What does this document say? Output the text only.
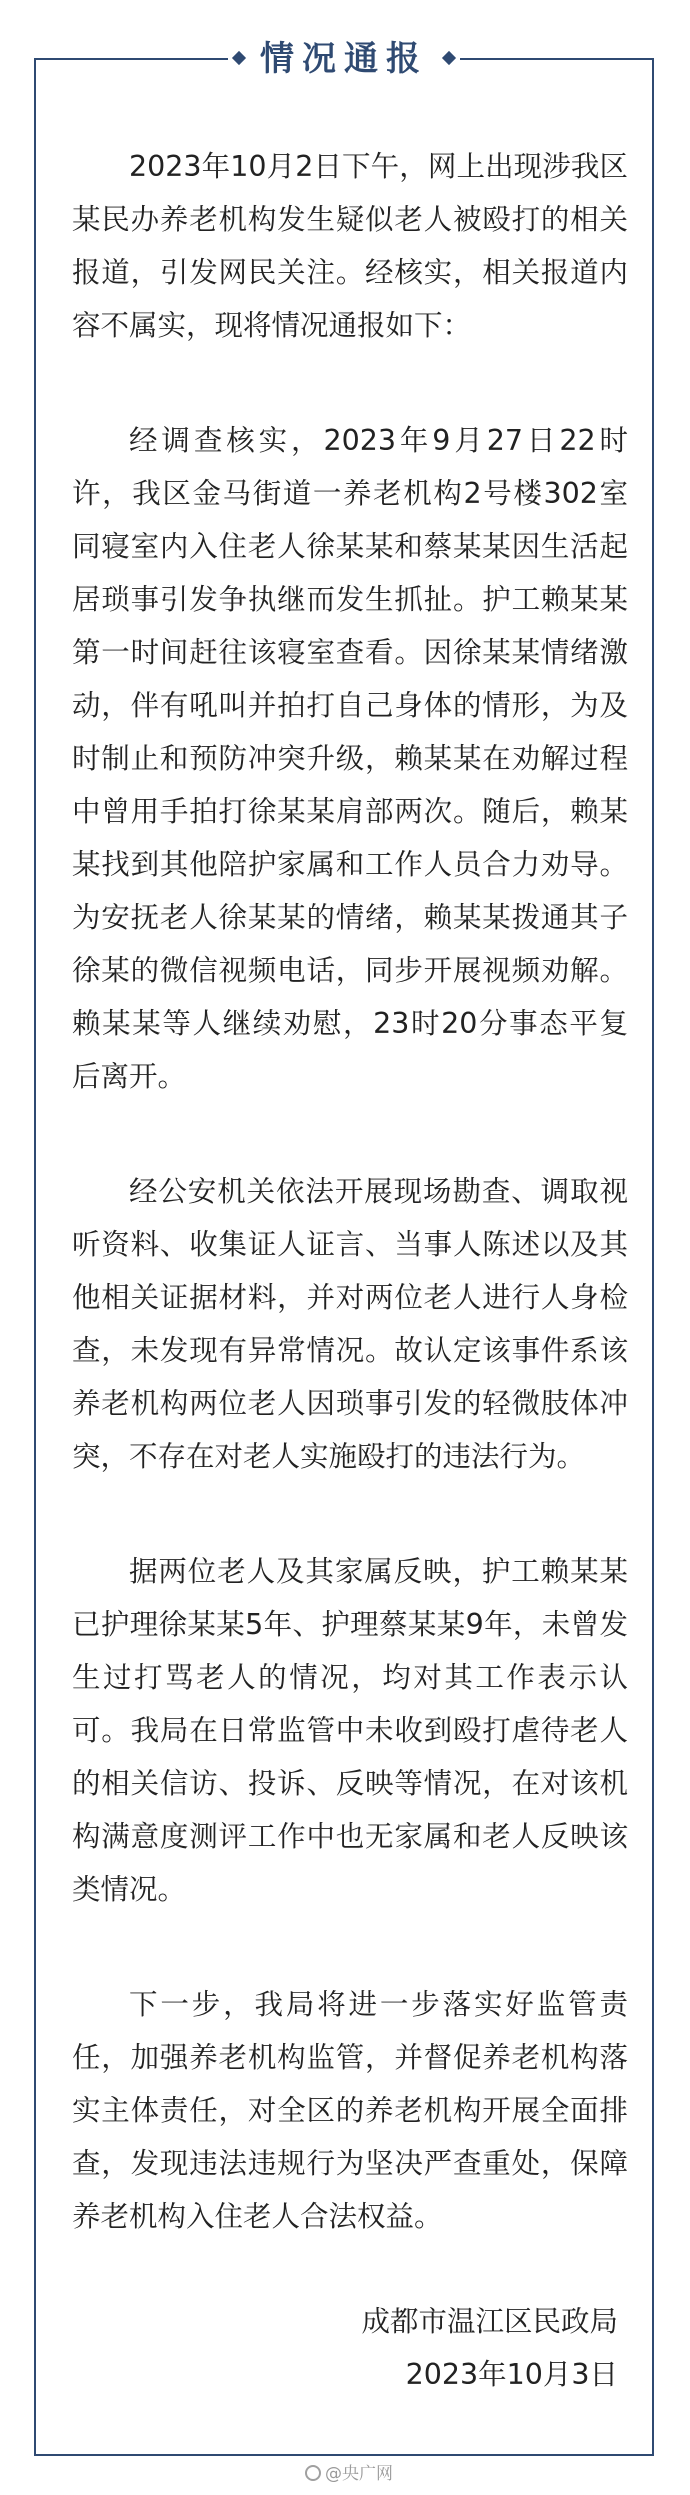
情况通报

2023年10月2日下午，网上出现涉我区某民办养老机构发生疑似老人被殴打的相关报道，引发网民关注。经核实，相关报道内容不属实，现将情况通报如下：

经调查核实，2023年9月27日22时许，我区金马街道一养老机构2号楼302室同寝室内入住老人徐某某和蔡某某因生活起居琐事引发争执继而发生抓扯。护工赖某某第一时间赶往该寝室查看。因徐某某情绪激动，伴有吼叫并拍打自己身体的情形，为及时制止和预防冲突升级，赖某某在劝解过程中曾用手拍打徐某某肩部两次。随后，赖某某找到其他陪护家属和工作人员合力劝导。为安抚老人徐某某的情绪，赖某某拨通其子徐某的微信视频电话，同步开展视频劝解。赖某某等人继续劝慰，23时20分事态平复后离开。

经公安机关依法开展现场勘查、调取视听资料、收集证人证言、当事人陈述以及其他相关证据材料，并对两位老人进行人身检查，未发现有异常情况。故认定该事件系该养老机构两位老人因琐事引发的轻微肢体冲突，不存在对老人实施殴打的违法行为。

据两位老人及其家属反映，护工赖某某已护理徐某某5年、护理蔡某某9年，未曾发生过打骂老人的情况，均对其工作表示认可。我局在日常监管中未收到殴打虐待老人的相关信访、投诉、反映等情况，在对该机构满意度测评工作中也无家属和老人反映该类情况。

下一步，我局将进一步落实好监管责任，加强养老机构监管，并督促养老机构落实主体责任，对全区的养老机构开展全面排查，发现违法违规行为坚决严查重处，保障养老机构入住老人合法权益。

成都市温江区民政局
2023年10月3日
@央广网
